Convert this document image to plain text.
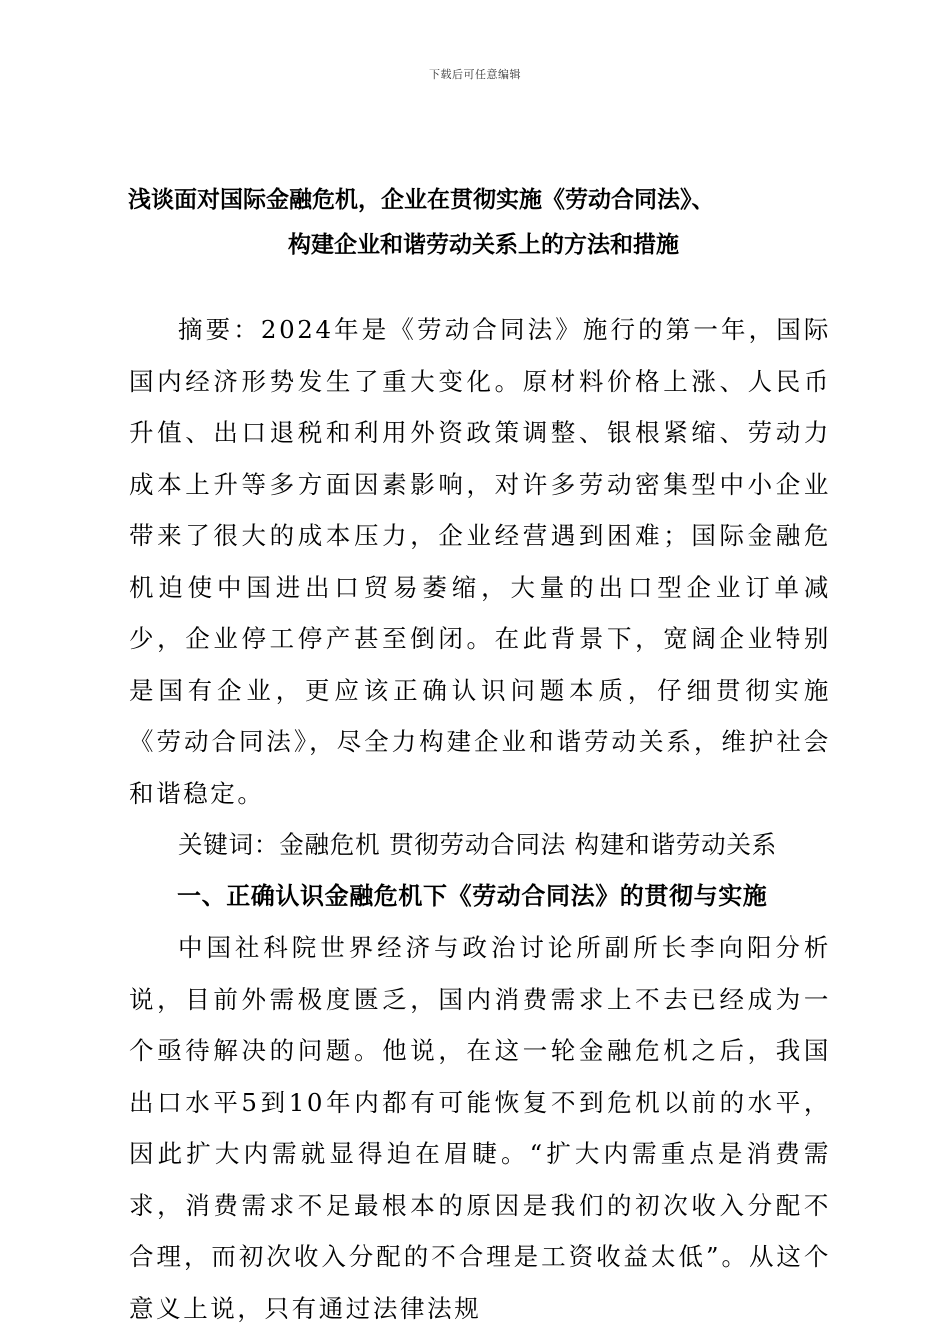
下载后可任意编辑
浅谈面对国际金融危机，企业在贯彻实施《劳动合同法》、
构建企业和谐劳动关系上的方法和措施

摘要：2024年是《劳动合同法》施行的第一年，国际国内经济形势发生了重大变化。原材料价格上涨、人民币升值、出口退税和利用外资政策调整、银根紧缩、劳动力成本上升等多方面因素影响，对许多劳动密集型中小企业带来了很大的成本压力，企业经营遇到困难；国际金融危机迫使中国进出口贸易萎缩，大量的出口型企业订单减少，企业停工停产甚至倒闭。在此背景下，宽阔企业特别是国有企业，更应该正确认识问题本质，仔细贯彻实施《劳动合同法》，尽全力构建企业和谐劳动关系，维护社会和谐稳定。

关键词：金融危机 贯彻劳动合同法 构建和谐劳动关系

一、正确认识金融危机下《劳动合同法》的贯彻与实施

中国社科院世界经济与政治讨论所副所长李向阳分析说，目前外需极度匮乏，国内消费需求上不去已经成为一个亟待解决的问题。他说，在这一轮金融危机之后，我国出口水平5到10年内都有可能恢复不到危机以前的水平，因此扩大内需就显得迫在眉睫。“扩大内需重点是消费需求，消费需求不足最根本的原因是我们的初次收入分配不合理，而初次收入分配的不合理是工资收益太低”。从这个意义上说，只有通过法律法规
